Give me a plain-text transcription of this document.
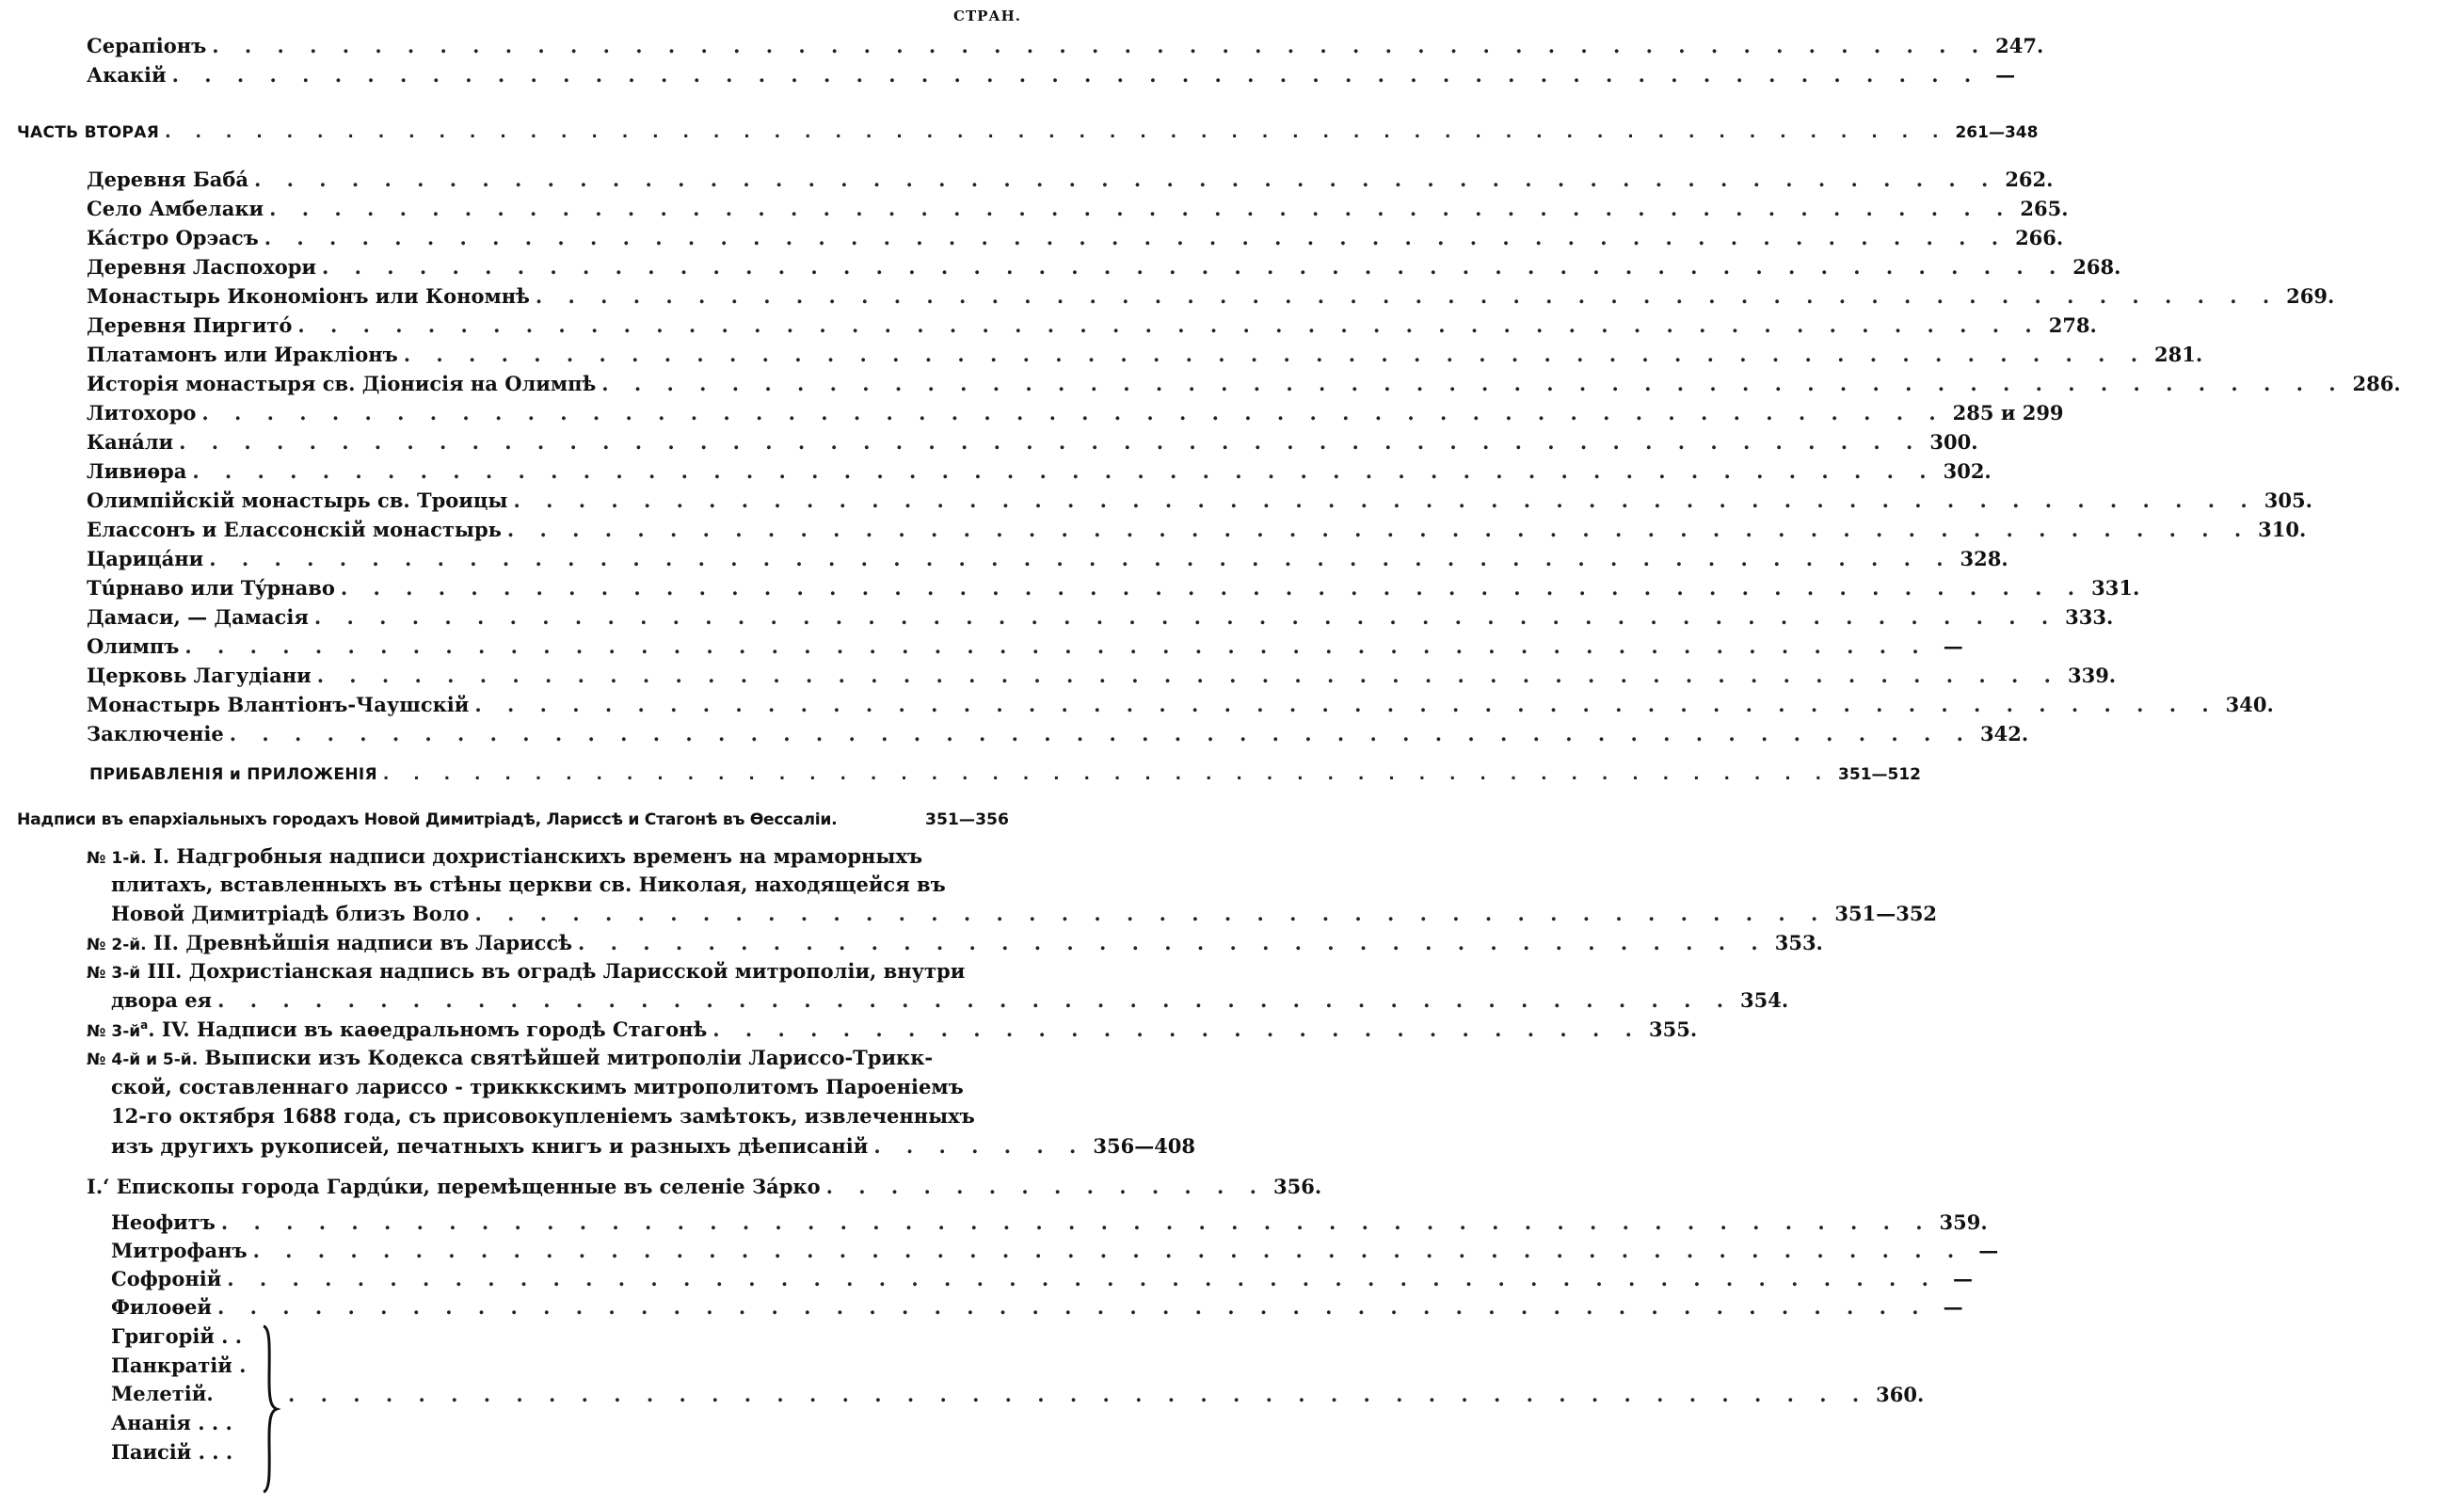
СТРАН.
Серапіонъ . . . . . . . . . . . . . . . . . . . . . . . . . . . . . . . . . . . . . . . . . . . . . . . . . . . . . . . 247.
Акакій . . . . . . . . . . . . . . . . . . . . . . . . . . . . . . . . . . . . . . . . . . . . . . . . . . . . . . . . —
ЧАСТЬ ВТОРАЯ . . . . . . . . . . . . . . . . . . . . . . . . . . . . . . . . . . . . . . . . . . . . . . . . . . . . . . . . . . . 261—348
Деревня Бабá . . . . . . . . . . . . . . . . . . . . . . . . . . . . . . . . . . . . . . . . . . . . . . . . . . . . . . 262.
Село Амбелаки . . . . . . . . . . . . . . . . . . . . . . . . . . . . . . . . . . . . . . . . . . . . . . . . . . . . . . 265.
Кáстро Орэасъ . . . . . . . . . . . . . . . . . . . . . . . . . . . . . . . . . . . . . . . . . . . . . . . . . . . . . . 266.
Деревня Ласпохори . . . . . . . . . . . . . . . . . . . . . . . . . . . . . . . . . . . . . . . . . . . . . . . . . . . . . . 268.
Монастырь Икономіонъ или Кономнѣ . . . . . . . . . . . . . . . . . . . . . . . . . . . . . . . . . . . . . . . . . . . . . . . . . . . . . . 269.
Деревня Пиргитó . . . . . . . . . . . . . . . . . . . . . . . . . . . . . . . . . . . . . . . . . . . . . . . . . . . . . . 278.
Платамонъ или Иракліонъ . . . . . . . . . . . . . . . . . . . . . . . . . . . . . . . . . . . . . . . . . . . . . . . . . . . . . . 281.
Исторія монастыря св. Діонисія на Олимпѣ . . . . . . . . . . . . . . . . . . . . . . . . . . . . . . . . . . . . . . . . . . . . . . . . . . . . . . 286.
Литохоро . . . . . . . . . . . . . . . . . . . . . . . . . . . . . . . . . . . . . . . . . . . . . . . . . . . . . . 285 и 299
Канáли . . . . . . . . . . . . . . . . . . . . . . . . . . . . . . . . . . . . . . . . . . . . . . . . . . . . . . 300.
Ливиѳра . . . . . . . . . . . . . . . . . . . . . . . . . . . . . . . . . . . . . . . . . . . . . . . . . . . . . . 302.
Олимпійскій монастырь св. Троицы . . . . . . . . . . . . . . . . . . . . . . . . . . . . . . . . . . . . . . . . . . . . . . . . . . . . . . 305.
Елассонъ и Елассонскій монастырь . . . . . . . . . . . . . . . . . . . . . . . . . . . . . . . . . . . . . . . . . . . . . . . . . . . . . . 310.
Царицáни . . . . . . . . . . . . . . . . . . . . . . . . . . . . . . . . . . . . . . . . . . . . . . . . . . . . . . 328.
Тúрнаво или Тýрнаво . . . . . . . . . . . . . . . . . . . . . . . . . . . . . . . . . . . . . . . . . . . . . . . . . . . . . . 331.
Дамаси, — Дамасія . . . . . . . . . . . . . . . . . . . . . . . . . . . . . . . . . . . . . . . . . . . . . . . . . . . . . . 333.
Олимпъ . . . . . . . . . . . . . . . . . . . . . . . . . . . . . . . . . . . . . . . . . . . . . . . . . . . . . . —
Церковь Лагудіани . . . . . . . . . . . . . . . . . . . . . . . . . . . . . . . . . . . . . . . . . . . . . . . . . . . . . . 339.
Монастырь Влантіонъ-Чаушскій . . . . . . . . . . . . . . . . . . . . . . . . . . . . . . . . . . . . . . . . . . . . . . . . . . . . . . 340.
Заключеніе . . . . . . . . . . . . . . . . . . . . . . . . . . . . . . . . . . . . . . . . . . . . . . . . . . . . . . 342.
ПРИБАВЛЕНІЯ и ПРИЛОЖЕНІЯ . . . . . . . . . . . . . . . . . . . . . . . . . . . . . . . . . . . . . . . . . . . . . . . . 351—512
Надписи въ епархіальныхъ городахъ Новой Димитріадѣ, Ларисcѣ и Стагонѣ въ Ѳессаліи.	351—356
№ 1-й. I. Надгробныя надписи дохристіанскихъ временъ на мраморныхъ
плитахъ, вставленныхъ въ стѣны церкви св. Николая, находящейся въ
Новой Димитріадѣ близъ Воло . . . . . . . . . . . . . . . . . . . . . . . . . . . . . . . . . . . . . . . . . . 351—352
№ 2-й. II. Древнѣйшія надписи въ Ларисcѣ . . . . . . . . . . . . . . . . . . . . . . . . . . . . . . . . . . . . . 353.
№ 3-й III. Дохристіанская надпись въ оградѣ Ларисской митрополіи, внутри
двора ея . . . . . . . . . . . . . . . . . . . . . . . . . . . . . . . . . . . . . . . . . . . . . . . 354.
№ $3-й^а$. IV. Надписи въ каѳедральномъ городѣ Стагонѣ . . . . . . . . . . . . . . . . . . . . . . . . . . . . . 355.
№ 4-й и 5-й. Выписки изъ Кодекса святѣйшей митрополіи Ларисcо-Трикк-
ской, составленнаго ларисcо - трикккскимъ митрополитомъ Пароеніемъ
12-го октября 1688 года, съ присовокупленіемъ замѣтокъ, извлеченныхъ
изъ другихъ рукописей, печатныхъ книгъ и разныхъ дѣеписаній . . . . . . . 356—408
I.ʻ Епископы города Гардúки, перемѣщенные въ селеніе Зáрко . . . . . . . . . . . . . . 356.
Неофитъ . . . . . . . . . . . . . . . . . . . . . . . . . . . . . . . . . . . . . . . . . . . . . . . . . . . . . 359.
Митрофанъ . . . . . . . . . . . . . . . . . . . . . . . . . . . . . . . . . . . . . . . . . . . . . . . . . . . . . —
Софроній . . . . . . . . . . . . . . . . . . . . . . . . . . . . . . . . . . . . . . . . . . . . . . . . . . . . . —
Филоѳей . . . . . . . . . . . . . . . . . . . . . . . . . . . . . . . . . . . . . . . . . . . . . . . . . . . . . —
Григорій . .
Панкратій .
Мелетій.
Ананія . . .
Паисій . . .
. . . . . . . . . . . . . . . . . . . . . . . . . . . . . . . . . . . . . . . . . . . . . . . . . 360.
